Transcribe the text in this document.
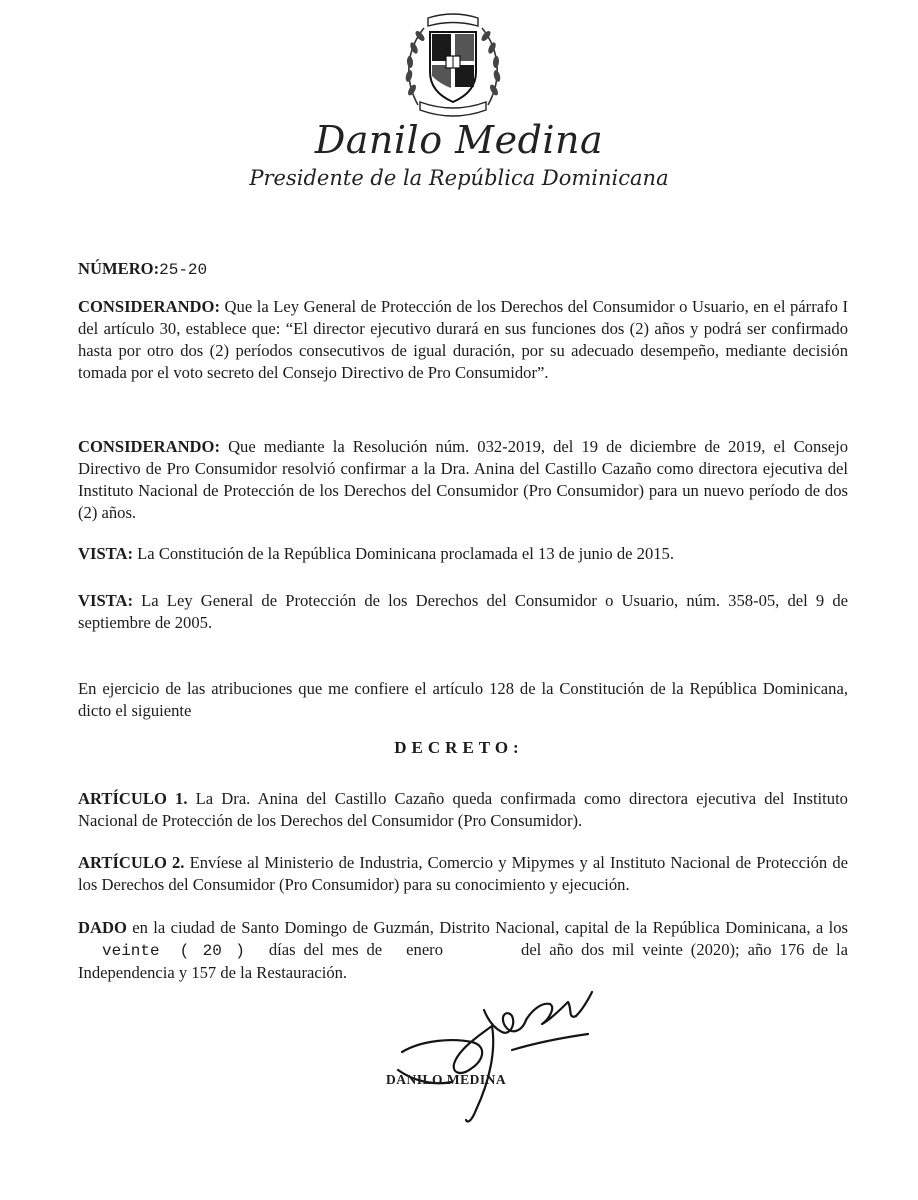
Danilo Medina
Presidente de la República Dominicana
NÚMERO:25-20
CONSIDERANDO: Que la Ley General de Protección de los Derechos del Consumidor o Usuario, en el párrafo I del artículo 30, establece que: “El director ejecutivo durará en sus funciones dos (2) años y podrá ser confirmado hasta por otro dos (2) períodos consecutivos de igual duración, por su adecuado desempeño, mediante decisión tomada por el voto secreto del Consejo Directivo de Pro Consumidor”.
CONSIDERANDO: Que mediante la Resolución núm. 032-2019, del 19 de diciembre de 2019, el Consejo Directivo de Pro Consumidor resolvió confirmar a la Dra. Anina del Castillo Cazaño como directora ejecutiva del Instituto Nacional de Protección de los Derechos del Consumidor (Pro Consumidor) para un nuevo período de dos (2) años.
VISTA: La Constitución de la República Dominicana proclamada el 13 de junio de 2015.
VISTA: La Ley General de Protección de los Derechos del Consumidor o Usuario, núm. 358-05, del 9 de septiembre de 2005.
En ejercicio de las atribuciones que me confiere el artículo 128 de la Constitución de la República Dominicana, dicto el siguiente
DECRETO:
ARTÍCULO 1. La Dra. Anina del Castillo Cazaño queda confirmada como directora ejecutiva del Instituto Nacional de Protección de los Derechos del Consumidor (Pro Consumidor).
ARTÍCULO 2. Envíese al Ministerio de Industria, Comercio y Mipymes y al Instituto Nacional de Protección de los Derechos del Consumidor (Pro Consumidor) para su conocimiento y ejecución.
DADO en la ciudad de Santo Domingo de Guzmán, Distrito Nacional, capital de la República Dominicana, a losveinte ( 20 ) días del mes de enero	del año dos mil veinte (2020); año 176 de la Independencia y 157 de la Restauración.
DANILO MEDINA
